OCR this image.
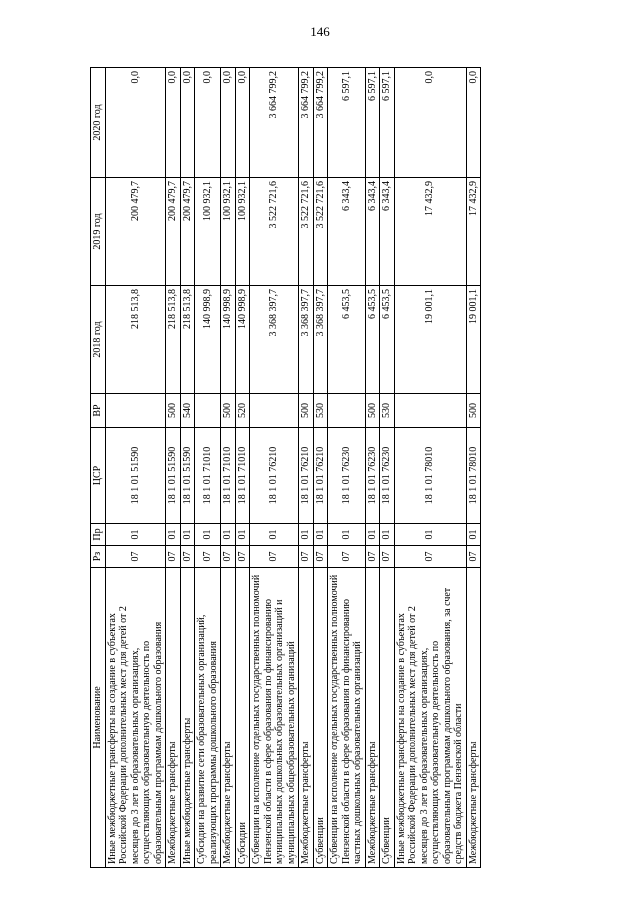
146
Наименование	Рз	Пр	ЦСР	ВР	2018 год	2019 год	2020 год
Иные межбюджетные трансферты на создание в субъектах Российской Федерации дополнительных мест для детей от 2 месяцев до 3 лет в образовательных организациях, осуществляющих образовательную деятельность по образовательным программам дошкольного образования	07	01	18 1 01 51590		218 513,8	200 479,7	0,0
Межбюджетные трансферты	07	01	18 1 01 51590	500	218 513,8	200 479,7	0,0
Иные межбюджетные трансферты	07	01	18 1 01 51590	540	218 513,8	200 479,7	0,0
Субсидии на развитие сети образовательных организаций, реализующих программы дошкольного образования	07	01	18 1 01 71010		140 998,9	100 932,1	0,0
Межбюджетные трансферты	07	01	18 1 01 71010	500	140 998,9	100 932,1	0,0
Субсидии	07	01	18 1 01 71010	520	140 998,9	100 932,1	0,0
Субвенции на исполнение отдельных государственных полномочий Пензенской области в сфере образования по финансированию муниципальных дошкольных образовательных организаций и муниципальных общеобразовательных организаций	07	01	18 1 01 76210		3 368 397,7	3 522 721,6	3 664 799,2
Межбюджетные трансферты	07	01	18 1 01 76210	500	3 368 397,7	3 522 721,6	3 664 799,2
Субвенции	07	01	18 1 01 76210	530	3 368 397,7	3 522 721,6	3 664 799,2
Субвенции на исполнение отдельных государственных полномочий Пензенской области в сфере образования по финансированию частных дошкольных образовательных организаций	07	01	18 1 01 76230		6 453,5	6 343,4	6 597,1
Межбюджетные трансферты	07	01	18 1 01 76230	500	6 453,5	6 343,4	6 597,1
Субвенции	07	01	18 1 01 76230	530	6 453,5	6 343,4	6 597,1
Иные межбюджетные трансферты на создание в субъектах Российской Федерации дополнительных мест для детей от 2 месяцев до 3 лет в образовательных организациях, осуществляющих образовательную деятельность по образовательным программам дошкольного образования, за счет средств бюджета Пензенской области	07	01	18 1 01 78010		19 001,1	17 432,9	0,0
Межбюджетные трансферты	07	01	18 1 01 78010	500	19 001,1	17 432,9	0,0
